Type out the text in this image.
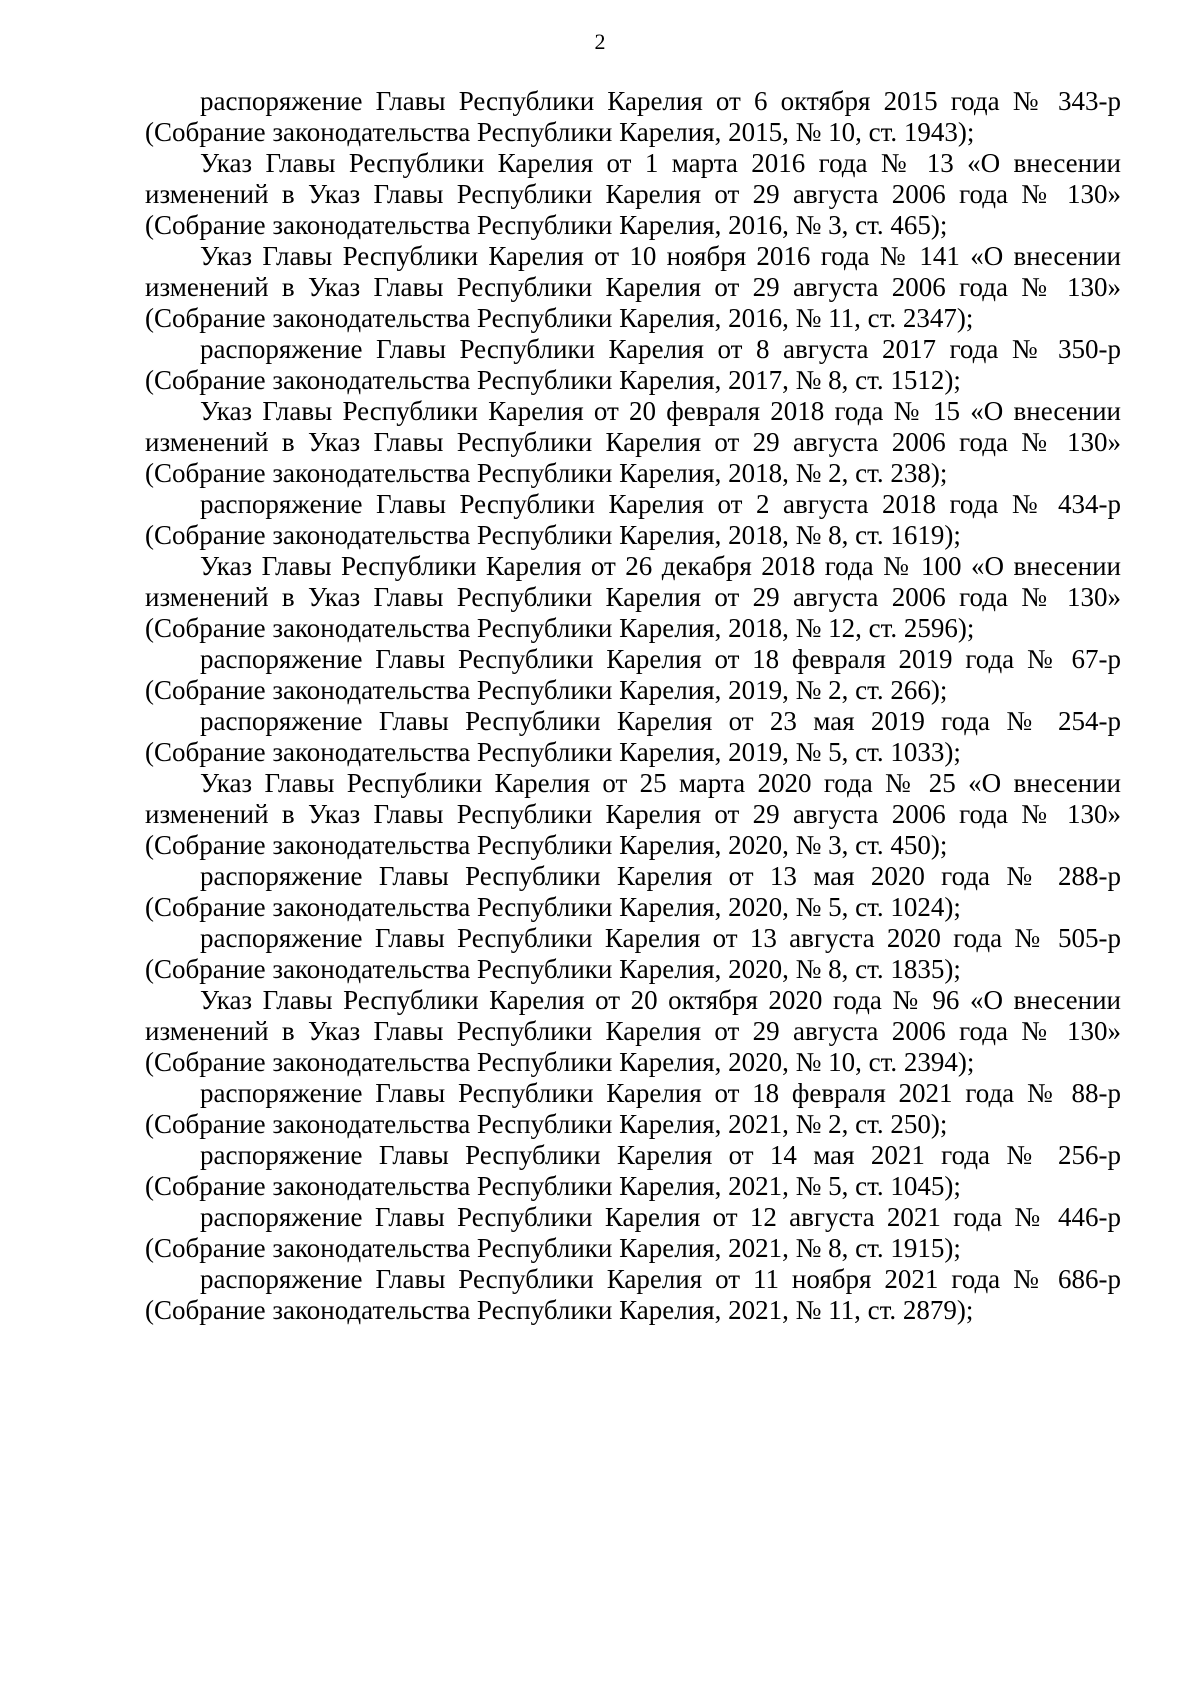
2

распоряжение Главы Республики Карелия от 6 октября 2015 года № 343-р (Собрание законодательства Республики Карелия, 2015, № 10, ст. 1943);

Указ Главы Республики Карелия от 1 марта 2016 года № 13 «О внесении изменений в Указ Главы Республики Карелия от 29 августа 2006 года № 130» (Собрание законодательства Республики Карелия, 2016, № 3, ст. 465);

Указ Главы Республики Карелия от 10 ноября 2016 года № 141 «О внесении изменений в Указ Главы Республики Карелия от 29 августа 2006 года № 130» (Собрание законодательства Республики Карелия, 2016, № 11, ст. 2347);

распоряжение Главы Республики Карелия от 8 августа 2017 года № 350-р (Собрание законодательства Республики Карелия, 2017, № 8, ст. 1512);

Указ Главы Республики Карелия от 20 февраля 2018 года № 15 «О внесении изменений в Указ Главы Республики Карелия от 29 августа 2006 года № 130» (Собрание законодательства Республики Карелия, 2018, № 2, ст. 238);

распоряжение Главы Республики Карелия от 2 августа 2018 года № 434-р (Собрание законодательства Республики Карелия, 2018, № 8, ст. 1619);

Указ Главы Республики Карелия от 26 декабря 2018 года № 100 «О внесении изменений в Указ Главы Республики Карелия от 29 августа 2006 года № 130» (Собрание законодательства Республики Карелия, 2018, № 12, ст. 2596);

распоряжение Главы Республики Карелия от 18 февраля 2019 года № 67-р (Собрание законодательства Республики Карелия, 2019, № 2, ст. 266);

распоряжение Главы Республики Карелия от 23 мая 2019 года № 254-р (Собрание законодательства Республики Карелия, 2019, № 5, ст. 1033);

Указ Главы Республики Карелия от 25 марта 2020 года № 25 «О внесении изменений в Указ Главы Республики Карелия от 29 августа 2006 года № 130» (Собрание законодательства Республики Карелия, 2020, № 3, ст. 450);

распоряжение Главы Республики Карелия от 13 мая 2020 года № 288-р (Собрание законодательства Республики Карелия, 2020, № 5, ст. 1024);

распоряжение Главы Республики Карелия от 13 августа 2020 года № 505-р (Собрание законодательства Республики Карелия, 2020, № 8, ст. 1835);

Указ Главы Республики Карелия от 20 октября 2020 года № 96 «О внесении изменений в Указ Главы Республики Карелия от 29 августа 2006 года № 130» (Собрание законодательства Республики Карелия, 2020, № 10, ст. 2394);

распоряжение Главы Республики Карелия от 18 февраля 2021 года № 88-р (Собрание законодательства Республики Карелия, 2021, № 2, ст. 250);

распоряжение Главы Республики Карелия от 14 мая 2021 года № 256-р (Собрание законодательства Республики Карелия, 2021, № 5, ст. 1045);

распоряжение Главы Республики Карелия от 12 августа 2021 года № 446-р (Собрание законодательства Республики Карелия, 2021, № 8, ст. 1915);

распоряжение Главы Республики Карелия от 11 ноября 2021 года № 686-р (Собрание законодательства Республики Карелия, 2021, № 11, ст. 2879);
